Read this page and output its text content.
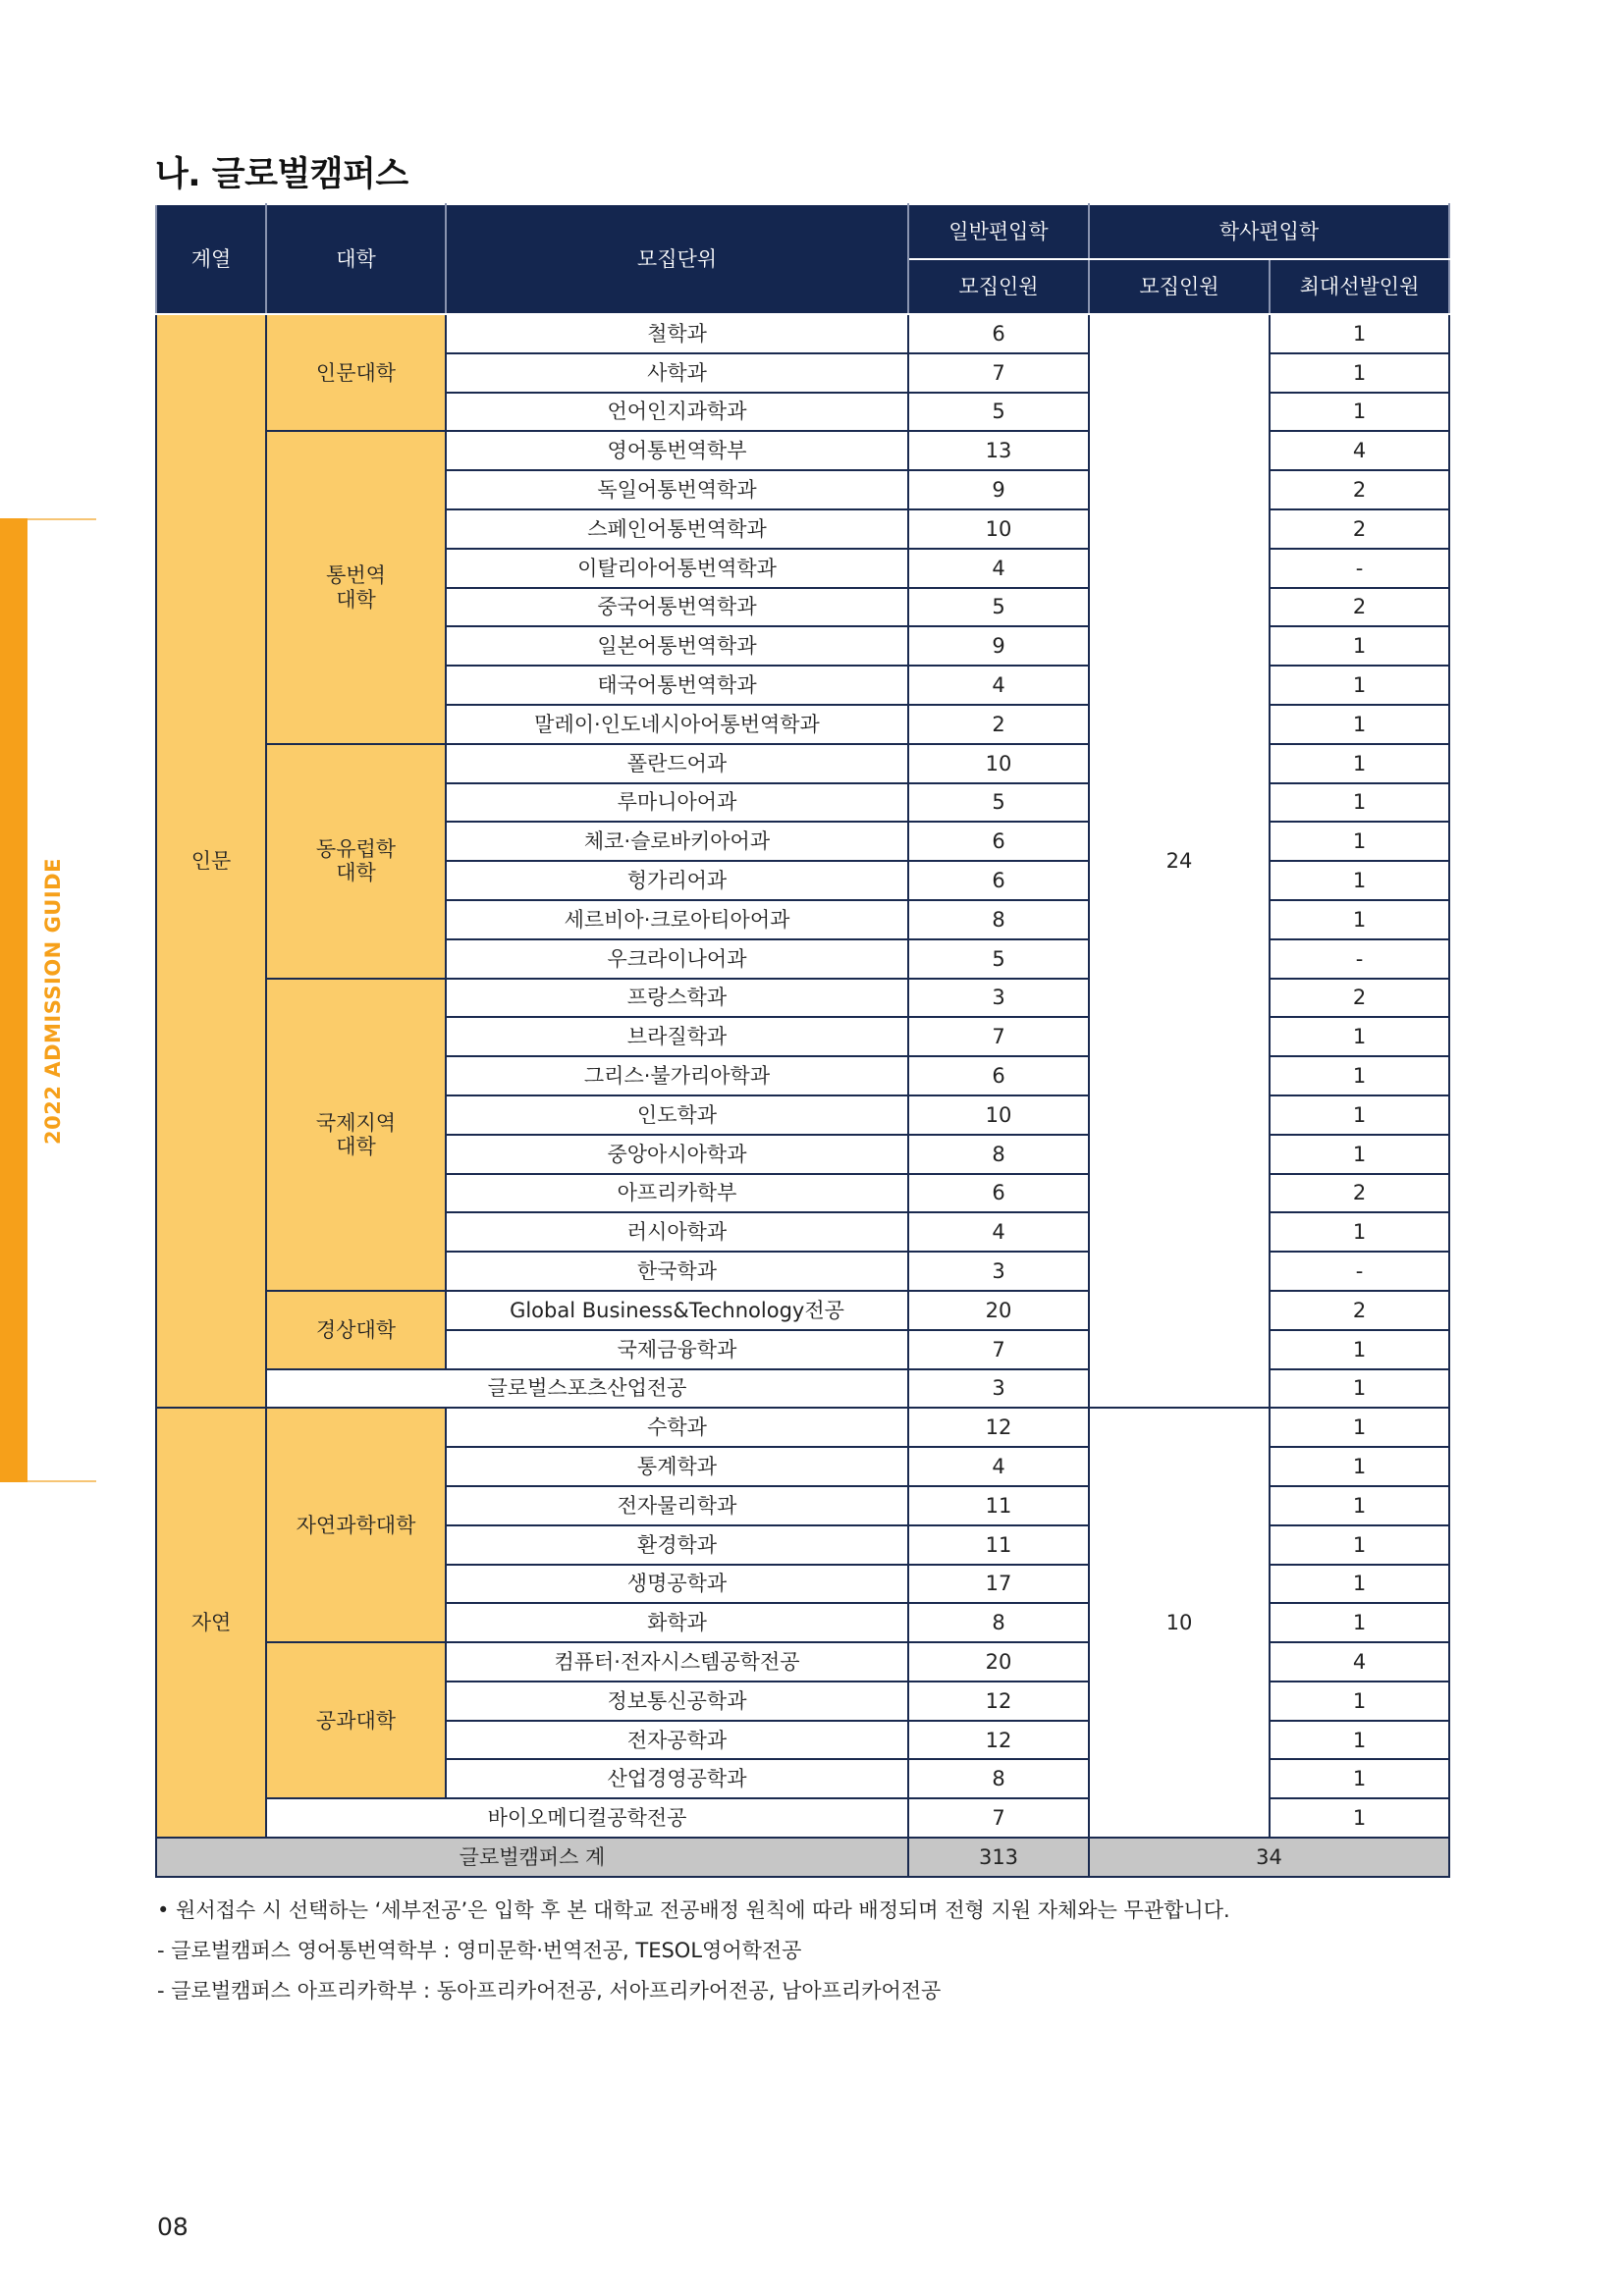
2022 ADMISSION GUIDE
나. 글로벌캠퍼스
계열	대학	모집단위	일반편입학	학사편입학	
			모집인원	모집인원	최대선발인원
인문	인문대학	철학과	6	24	1
		사학과	7		1
		언어인지과학과	5		1
	통번역
대학	영어통번역학부	13		4
		독일어통번역학과	9		2
		스페인어통번역학과	10		2
		이탈리아어통번역학과	4		-
		중국어통번역학과	5		2
		일본어통번역학과	9		1
		태국어통번역학과	4		1
		말레이·인도네시아어통번역학과	2		1
	동유럽학
대학	폴란드어과	10		1
		루마니아어과	5		1
		체코·슬로바키아어과	6		1
		헝가리어과	6		1
		세르비아·크로아티아어과	8		1
		우크라이나어과	5		-
	국제지역
대학	프랑스학과	3		2
		브라질학과	7		1
		그리스·불가리아학과	6		1
		인도학과	10		1
		중앙아시아학과	8		1
		아프리카학부	6		2
		러시아학과	4		1
		한국학과	3		-
	경상대학	Global Business&Technology전공	20		2
		국제금융학과	7		1
	글로벌스포츠산업전공		3		1
자연	자연과학대학	수학과	12	10	1
		통계학과	4		1
		전자물리학과	11		1
		환경학과	11		1
		생명공학과	17		1
		화학과	8		1
	공과대학	컴퓨터·전자시스템공학전공	20		4
		정보통신공학과	12		1
		전자공학과	12		1
		산업경영공학과	8		1
	바이오메디컬공학전공		7		1
글로벌캠퍼스 계			313	34	
• 원서접수 시 선택하는 ‘세부전공’은 입학 후 본 대학교 전공배정 원칙에 따라 배정되며 전형 지원 자체와는 무관합니다.
- 글로벌캠퍼스 영어통번역학부 : 영미문학·번역전공, TESOL영어학전공
- 글로벌캠퍼스 아프리카학부 : 동아프리카어전공, 서아프리카어전공, 남아프리카어전공
08
